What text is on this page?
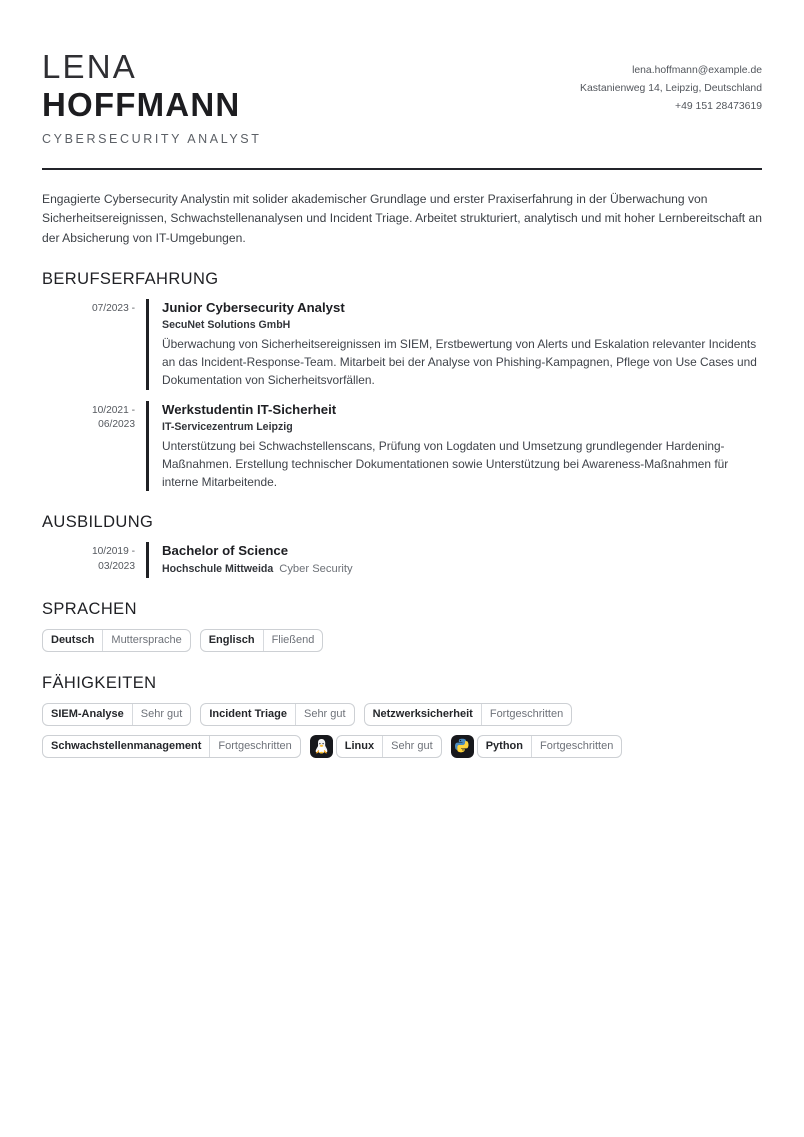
LENA
HOFFMANN
CYBERSECURITY ANALYST
lena.hoffmann@example.de
Kastanienweg 14, Leipzig, Deutschland
+49 151 28473619
Engagierte Cybersecurity Analystin mit solider akademischer Grundlage und erster Praxiserfahrung in der Überwachung von Sicherheitsereignissen, Schwachstellenanalysen und Incident Triage. Arbeitet strukturiert, analytisch und mit hoher Lernbereitschaft an der Absicherung von IT-Umgebungen.
BERUFSERFAHRUNG
07/2023 - Junior Cybersecurity Analyst
SecuNet Solutions GmbH
Überwachung von Sicherheitsereignissen im SIEM, Erstbewertung von Alerts und Eskalation relevanter Incidents an das Incident-Response-Team. Mitarbeit bei der Analyse von Phishing-Kampagnen, Pflege von Use Cases und Dokumentation von Sicherheitsvorfällen.
10/2021 -
06/2023
Werkstudentin IT-Sicherheit
IT-Servicezentrum Leipzig
Unterstützung bei Schwachstellenscans, Prüfung von Logdaten und Umsetzung grundlegender Hardening-Maßnahmen. Erstellung technischer Dokumentationen sowie Unterstützung bei Awareness-Maßnahmen für interne Mitarbeitende.
AUSBILDUNG
10/2019 -
03/2023
Bachelor of Science
Hochschule Mittweida Cyber Security
SPRACHEN
Deutsch	Muttersprache	Englisch	Fließend
FÄHIGKEITEN
SIEM-Analyse	Sehr gut	Incident Triage	Sehr gut	Netzwerksicherheit	Fortgeschritten
Schwachstellenmanagement	Fortgeschritten	Linux	Sehr gut	Python	Fortgeschritten
